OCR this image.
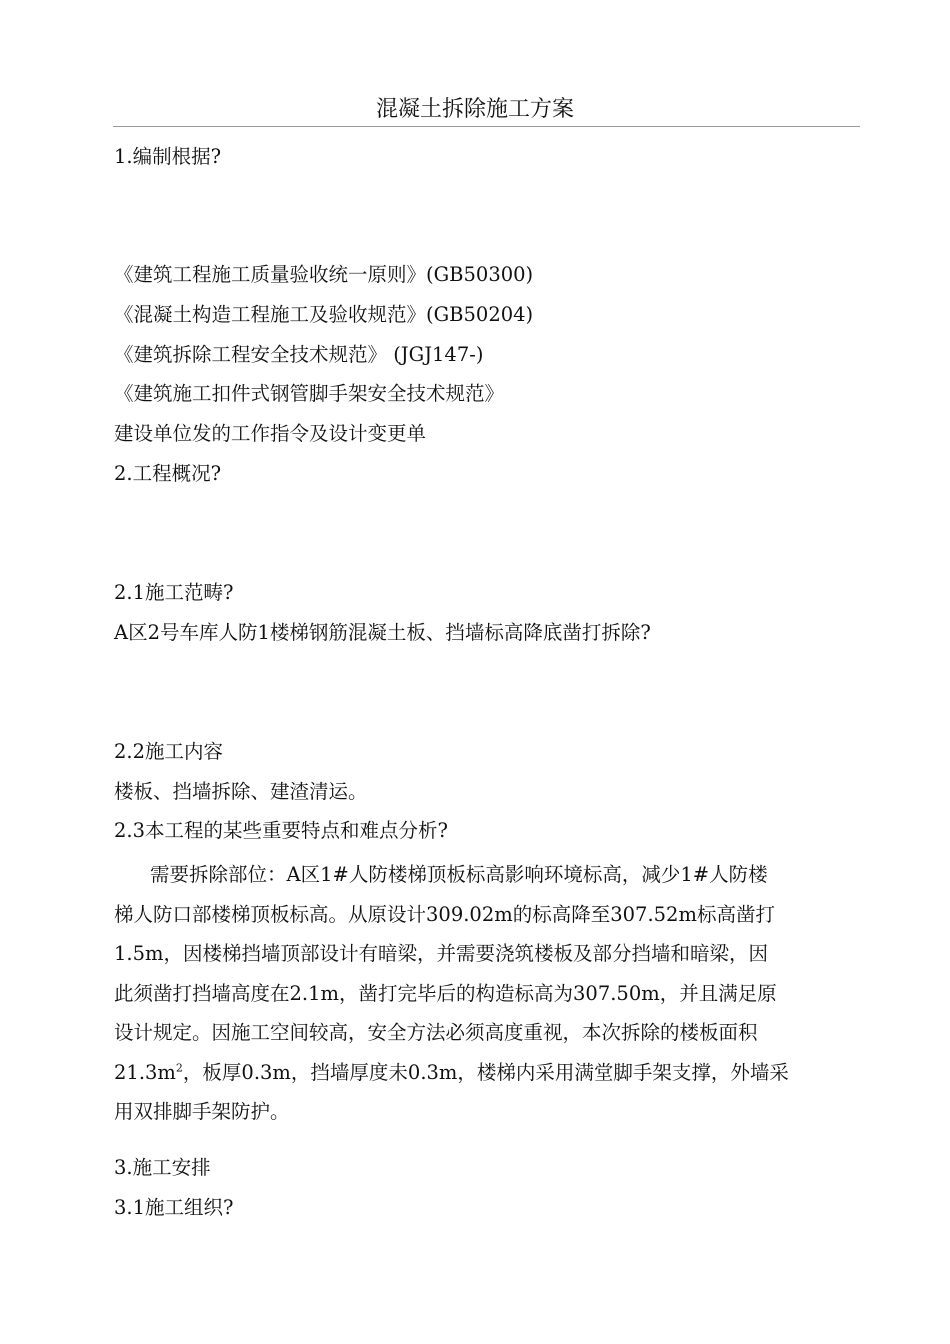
混凝土拆除施工方案
1.编制根据?
《建筑工程施工质量验收统一原则》(GB50300)
《混凝土构造工程施工及验收规范》(GB50204)
《建筑拆除工程安全技术规范》 (JGJ147-)
《建筑施工扣件式钢管脚手架安全技术规范》
建设单位发的工作指令及设计变更单
2.工程概况?
2.1施工范畴?
A区2号车库人防1楼梯钢筋混凝土板、挡墙标高降底凿打拆除?
2.2施工内容
楼板、挡墙拆除、建渣清运。
2.3本工程的某些重要特点和难点分析?
需要拆除部位：A区1#人防楼梯顶板标高影响环境标高，减少1#人防楼
梯人防口部楼梯顶板标高。从原设计309.02m的标高降至307.52m标高凿打
1.5m，因楼梯挡墙顶部设计有暗梁，并需要浇筑楼板及部分挡墙和暗梁，因
此须凿打挡墙高度在2.1m，凿打完毕后的构造标高为307.50m，并且满足原
设计规定。因施工空间较高，安全方法必须高度重视，本次拆除的楼板面积
$21.3m^2$，板厚0.3m，挡墙厚度未0.3m，楼梯内采用满堂脚手架支撑，外墙采
用双排脚手架防护。
3.施工安排
3.1施工组织?
